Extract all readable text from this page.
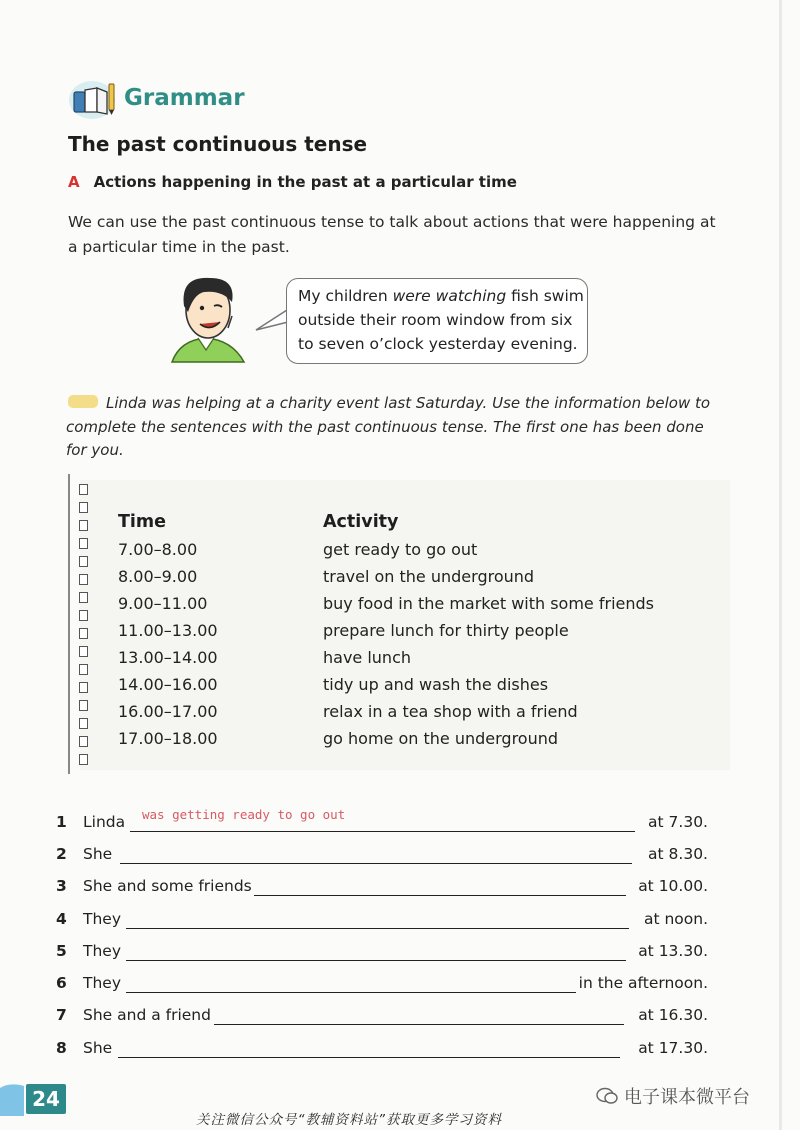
Grammar
The past continuous tense
A Actions happening in the past at a particular time
We can use the past continuous tense to talk about actions that were happening at a particular time in the past.
My children were watching fish swim outside their room window from six to seven o’clock yesterday evening.
Linda was helping at a charity event last Saturday. Use the information below to complete the sentences with the past continuous tense. The first one has been done for you.
Time	Activity
7.00–8.00	get ready to go out
8.00–9.00	travel on the underground
9.00–11.00	buy food in the market with some friends
11.00–13.00	prepare lunch for thirty people
13.00–14.00	have lunch
14.00–16.00	tidy up and wash the dishes
16.00–17.00	relax in a tea shop with a friend
17.00–18.00	go home on the underground
1	Linda was getting ready to go out	at 7.30.
2	She	at 8.30.
3	She and some friends	at 10.00.
4	They	at noon.
5	They	at 13.30.
6	They	in the afternoon.
7	She and a friend	at 16.30.
8	She	at 17.30.
24	电子课本微平台
关注微信公众号“教辅资料站”获取更多学习资料
